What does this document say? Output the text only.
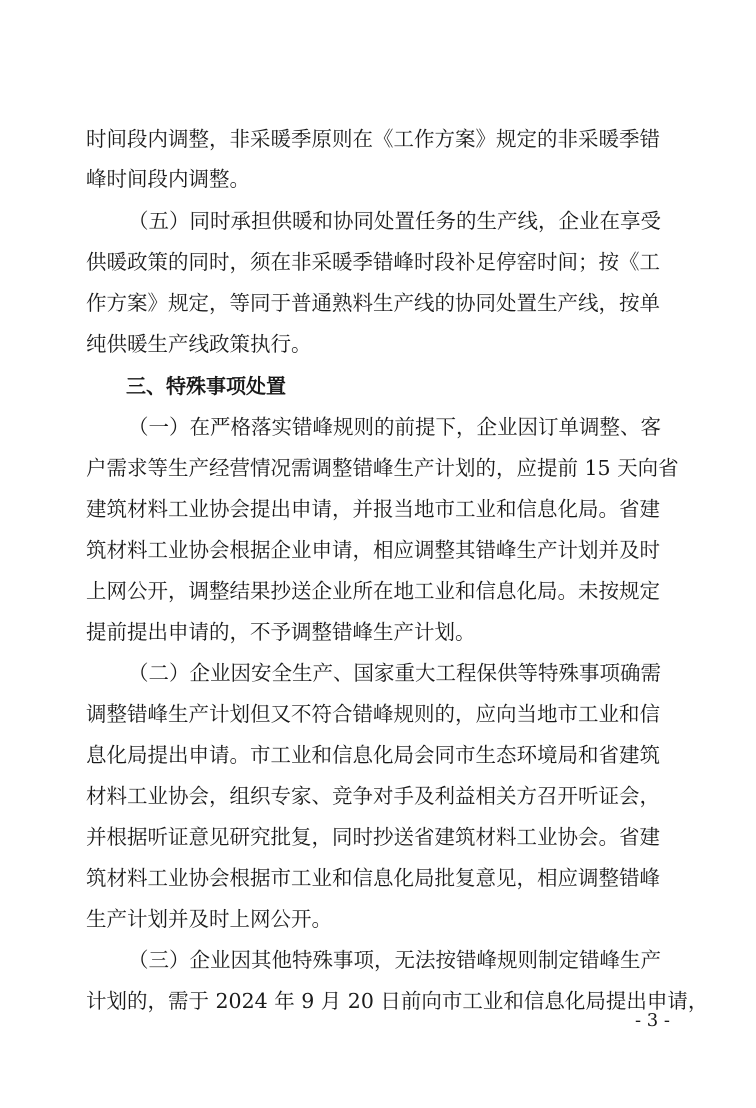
时间段内调整，非采暖季原则在《工作方案》规定的非采暖季错
峰时间段内调整。
（五）同时承担供暖和协同处置任务的生产线，企业在享受
供暖政策的同时，须在非采暖季错峰时段补足停窑时间；按《工
作方案》规定，等同于普通熟料生产线的协同处置生产线，按单
纯供暖生产线政策执行。
三、特殊事项处置
（一）在严格落实错峰规则的前提下，企业因订单调整、客
户需求等生产经营情况需调整错峰生产计划的，应提前 15 天向省
建筑材料工业协会提出申请，并报当地市工业和信息化局。省建
筑材料工业协会根据企业申请，相应调整其错峰生产计划并及时
上网公开，调整结果抄送企业所在地工业和信息化局。未按规定
提前提出申请的，不予调整错峰生产计划。
（二）企业因安全生产、国家重大工程保供等特殊事项确需
调整错峰生产计划但又不符合错峰规则的，应向当地市工业和信
息化局提出申请。市工业和信息化局会同市生态环境局和省建筑
材料工业协会，组织专家、竞争对手及利益相关方召开听证会，
并根据听证意见研究批复，同时抄送省建筑材料工业协会。省建
筑材料工业协会根据市工业和信息化局批复意见，相应调整错峰
生产计划并及时上网公开。
（三）企业因其他特殊事项，无法按错峰规则制定错峰生产
计划的，需于 2024 年 9 月 20 日前向市工业和信息化局提出申请，
- 3 -
